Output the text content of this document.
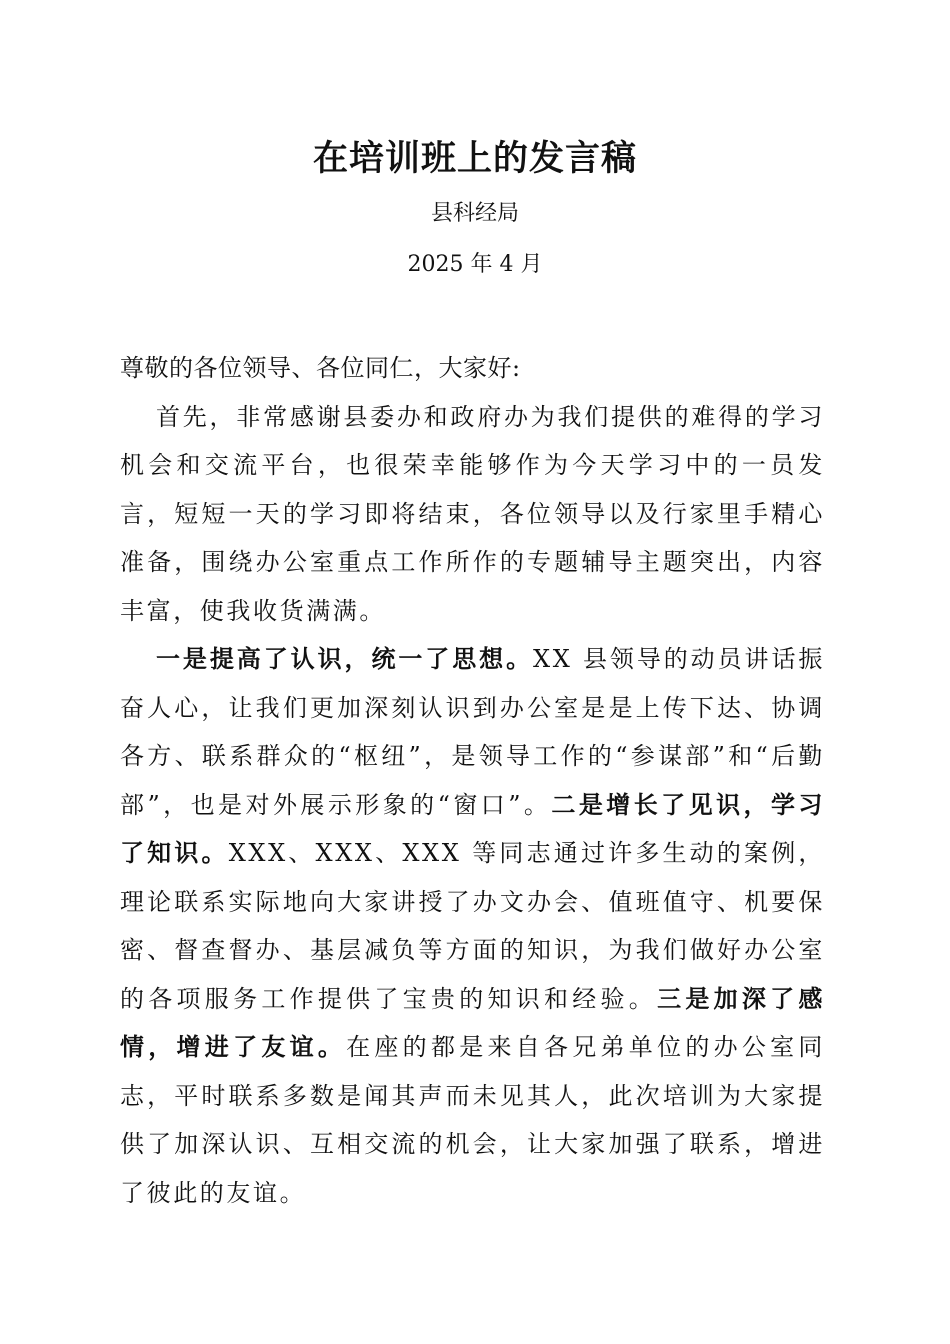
在培训班上的发言稿
县科经局
2025 年 4 月

尊敬的各位领导、各位同仁，大家好:

首先，非常感谢县委办和政府办为我们提供的难得的学习机会和交流平台，也很荣幸能够作为今天学习中的一员发言，短短一天的学习即将结束，各位领导以及行家里手精心准备，围绕办公室重点工作所作的专题辅导主题突出，内容丰富，使我收货满满。

一是提高了认识，统一了思想。XX 县领导的动员讲话振奋人心，让我们更加深刻认识到办公室是是上传下达、协调各方、联系群众的“枢纽”，是领导工作的“参谋部”和“后勤部”，也是对外展示形象的“窗口”。二是增长了见识，学习了知识。XXX、XXX、XXX 等同志通过许多生动的案例，理论联系实际地向大家讲授了办文办会、值班值守、机要保密、督查督办、基层减负等方面的知识，为我们做好办公室的各项服务工作提供了宝贵的知识和经验。三是加深了感情，增进了友谊。在座的都是来自各兄弟单位的办公室同志，平时联系多数是闻其声而未见其人，此次培训为大家提供了加深认识、互相交流的机会，让大家加强了联系，增进了彼此的友谊。
